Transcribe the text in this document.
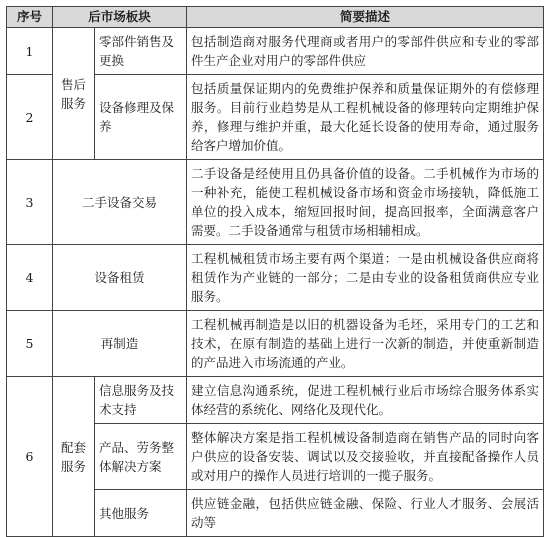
序号	后市场板块		简要描述
1	售后服务	零部件销售及更换	包括制造商对服务代理商或者用户的零部件供应和专业的零部件生产企业对用户的零部件供应
2		设备修理及保养	包括质量保证期内的免费维护保养和质量保证期外的有偿修理服务。目前行业趋势是从工程机械设备的修理转向定期维护保养，修理与维护并重，最大化延长设备的使用寿命，通过服务给客户增加价值。
3	二手设备交易		二手设备是经使用且仍具备价值的设备。二手机械作为市场的一种补充，能使工程机械设备市场和资金市场接轨，降低施工单位的投入成本，缩短回报时间，提高回报率，全面满意客户需要。二手设备通常与租赁市场相辅相成。
4	设备租赁		工程机械租赁市场主要有两个渠道：一是由机械设备供应商将租赁作为产业链的一部分；二是由专业的设备租赁商供应专业服务。
5	再制造		工程机械再制造是以旧的机器设备为毛坯，采用专门的工艺和技术，在原有制造的基础上进行一次新的制造，并使重新制造的产品进入市场流通的产业。
6	配套服务	信息服务及技术支持	建立信息沟通系统，促进工程机械行业后市场综合服务体系实体经营的系统化、网络化及现代化。
		产品、劳务整体解决方案	整体解决方案是指工程机械设备制造商在销售产品的同时向客户供应的设备安装、调试以及交接验收，并直接配备操作人员或对用户的操作人员进行培训的一揽子服务。
		其他服务	供应链金融，包括供应链金融、保险、行业人才服务、会展活动等
